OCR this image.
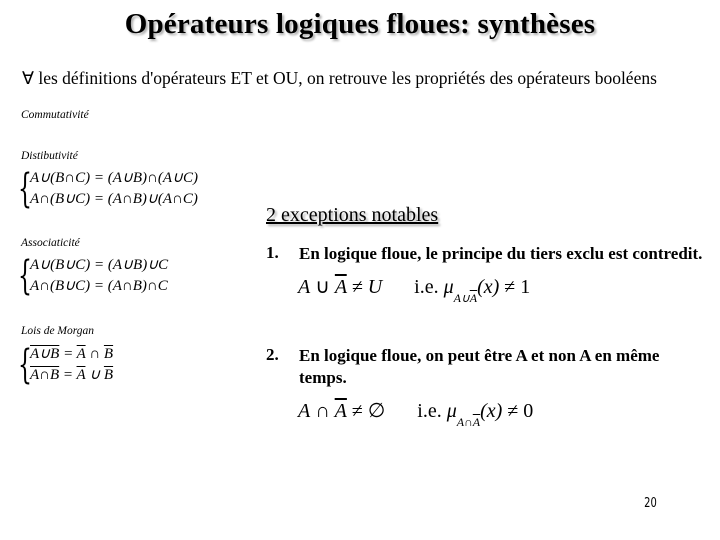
Opérateurs logiques floues: synthèses
∀ les définitions d'opérateurs ET et OU, on retrouve les propriétés des opérateurs booléens
Commutativité
Distibutivité
{
A∪(B∩C) = (A∪B)∩(A∪C)
A∩(B∪C) = (A∩B)∪(A∩C)
Associaticité
{
A∪(B∪C) = (A∪B)∪C
A∩(B∪C) = (A∩B)∩C
Lois de Morgan
{
A∪B = $\overline{A}$ ∩ $\overline{B}$
A∩B = $\overline{A}$ ∪ $\overline{B}$
2 exceptions notables
1. En logique floue, le principe du tiers exclu est contredit.
A ∪ $\overline{A} \ne U$ i.e. $\mu_{A\cup\overline{A}}(x) \ne 1$
2. En logique floue, on peut être A et non A en même
temps.
A ∩ $\overline{A}$ ≠ ∅ i.e. $\mu_{A\cap\overline{A}}(x) \ne 0$
20
